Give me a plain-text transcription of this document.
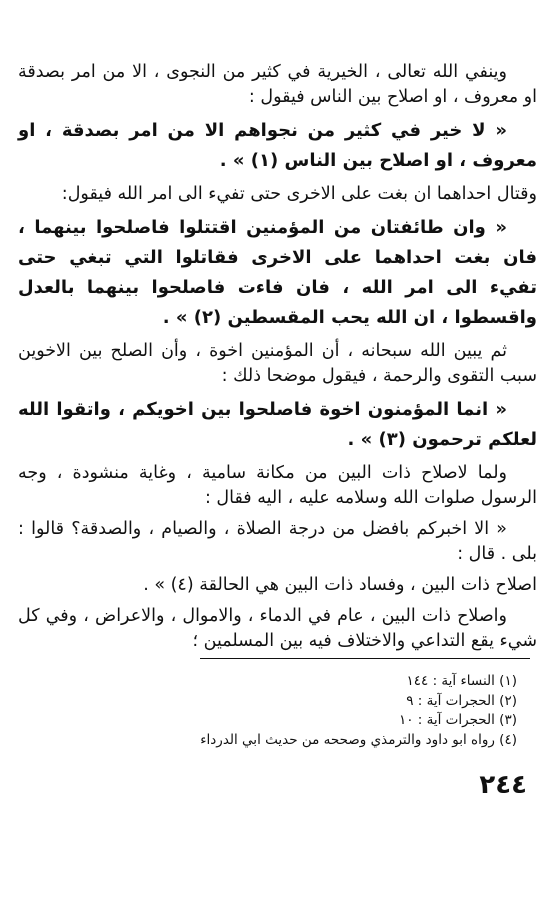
وينفي الله تعالى ، الخيرية في كثير من النجوى ، الا من امر بصدقة او معروف ، او اصلاح بين الناس فيقول :

« لا خير في كثير من نجواهم الا من امر بصدقة ، او معروف ، او اصلاح بين الناس (١) » .

وقتال احداهما ان بغت على الاخرى حتى تفيء الى امر الله فيقول:

« وان طائفتان من المؤمنين اقتتلوا فاصلحوا بينهما ، فان بغت احداهما على الاخرى فقاتلوا التي تبغي حتى تفيء الى امر الله ، فان فاءت فاصلحوا بينهما بالعدل واقسطوا ، ان الله يحب المقسطين (٢) » .

ثم يبين الله سبحانه ، أن المؤمنين اخوة ، وأن الصلح بين الاخوين سبب التقوى والرحمة ، فيقول موضحا ذلك :

« انما المؤمنون اخوة فاصلحوا بين اخويكم ، واتقوا الله لعلكم ترحمون (٣) » .

ولما لاصلاح ذات البين من مكانة سامية ، وغاية منشودة ، وجه الرسول صلوات الله وسلامه عليه ، اليه فقال :

« الا اخبركم بافضل من درجة الصلاة ، والصيام ، والصدقة؟ قالوا : بلى . قال :

اصلاح ذات البين ، وفساد ذات البين هي الحالقة (٤) » .

واصلاح ذات البين ، عام في الدماء ، والاموال ، والاعراض ، وفي كل شيء يقع التداعي والاختلاف فيه بين المسلمين ؛

(١) النساء آية : ١٤٤

(٢) الحجرات آية : ٩

(٣) الحجرات آية : ١٠

(٤) رواه ابو داود والترمذي وصححه من حديث ابي الدرداء

٢٤٤
